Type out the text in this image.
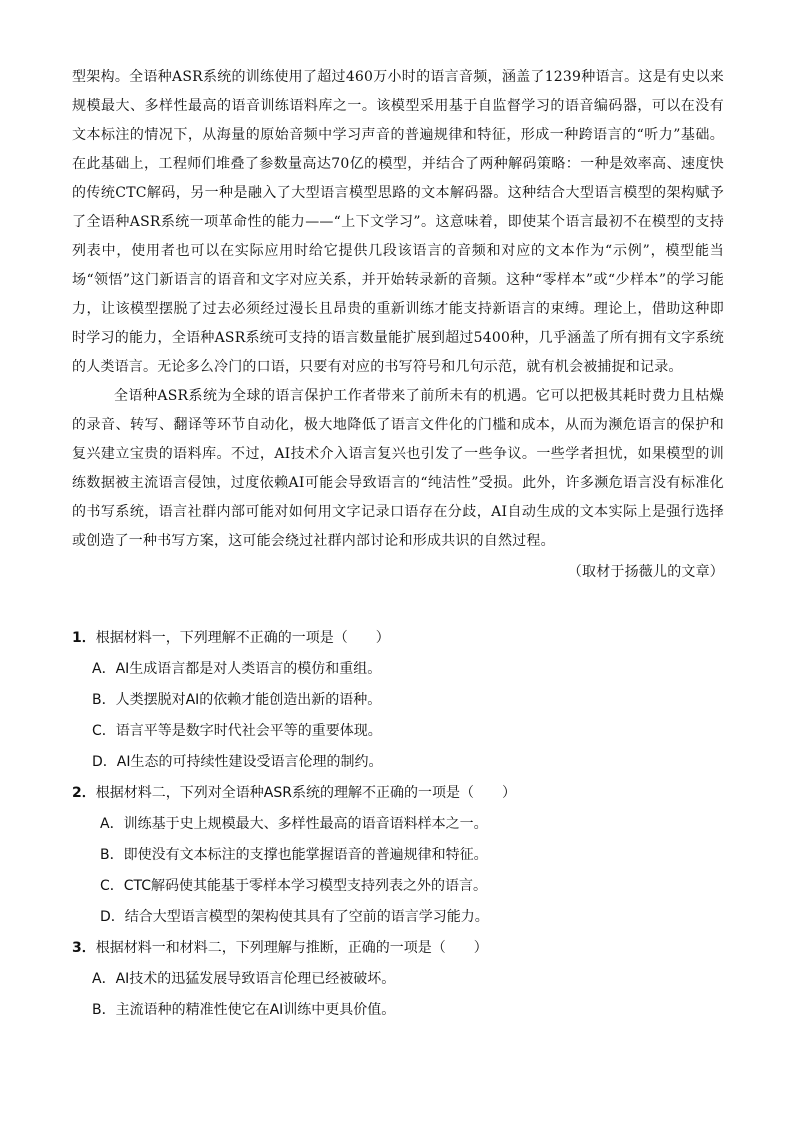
型架构。全语种ASR系统的训练使用了超过460万小时的语言音频，涵盖了1239种语言。这是有史以来规模最大、多样性最高的语音训练语料库之一。该模型采用基于自监督学习的语音编码器，可以在没有文本标注的情况下，从海量的原始音频中学习声音的普遍规律和特征，形成一种跨语言的“听力”基础。在此基础上，工程师们堆叠了参数量高达70亿的模型，并结合了两种解码策略：一种是效率高、速度快的传统CTC解码，另一种是融入了大型语言模型思路的文本解码器。这种结合大型语言模型的架构赋予了全语种ASR系统一项革命性的能力——“上下文学习”。这意味着，即使某个语言最初不在模型的支持列表中，使用者也可以在实际应用时给它提供几段该语言的音频和对应的文本作为“示例”，模型能当场“领悟”这门新语言的语音和文字对应关系，并开始转录新的音频。这种“零样本”或“少样本”的学习能力，让该模型摆脱了过去必须经过漫长且昂贵的重新训练才能支持新语言的束缚。理论上，借助这种即时学习的能力，全语种ASR系统可支持的语言数量能扩展到超过5400种，几乎涵盖了所有拥有文字系统的人类语言。无论多么冷门的口语，只要有对应的书写符号和几句示范，就有机会被捕捉和记录。

全语种ASR系统为全球的语言保护工作者带来了前所未有的机遇。它可以把极其耗时费力且枯燥的录音、转写、翻译等环节自动化，极大地降低了语言文件化的门槛和成本，从而为濒危语言的保护和复兴建立宝贵的语料库。不过，AI技术介入语言复兴也引发了一些争议。一些学者担忧，如果模型的训练数据被主流语言侵蚀，过度依赖AI可能会导致语言的“纯洁性”受损。此外，许多濒危语言没有标准化的书写系统，语言社群内部可能对如何用文字记录口语存在分歧，AI自动生成的文本实际上是强行选择或创造了一种书写方案，这可能会绕过社群内部讨论和形成共识的自然过程。

（取材于扬薇儿的文章）

1．根据材料一，下列理解不正确的一项是（　　）

A．AI生成语言都是对人类语言的模仿和重组。

B．人类摆脱对AI的依赖才能创造出新的语种。

C．语言平等是数字时代社会平等的重要体现。

D．AI生态的可持续性建设受语言伦理的制约。

2．根据材料二，下列对全语种ASR系统的理解不正确的一项是（　　）

A．训练基于史上规模最大、多样性最高的语音语料样本之一。

B．即使没有文本标注的支撑也能掌握语音的普遍规律和特征。

C．CTC解码使其能基于零样本学习模型支持列表之外的语言。

D．结合大型语言模型的架构使其具有了空前的语言学习能力。

3．根据材料一和材料二，下列理解与推断，正确的一项是（　　）

A．AI技术的迅猛发展导致语言伦理已经被破坏。

B．主流语种的精准性使它在AI训练中更具价值。
